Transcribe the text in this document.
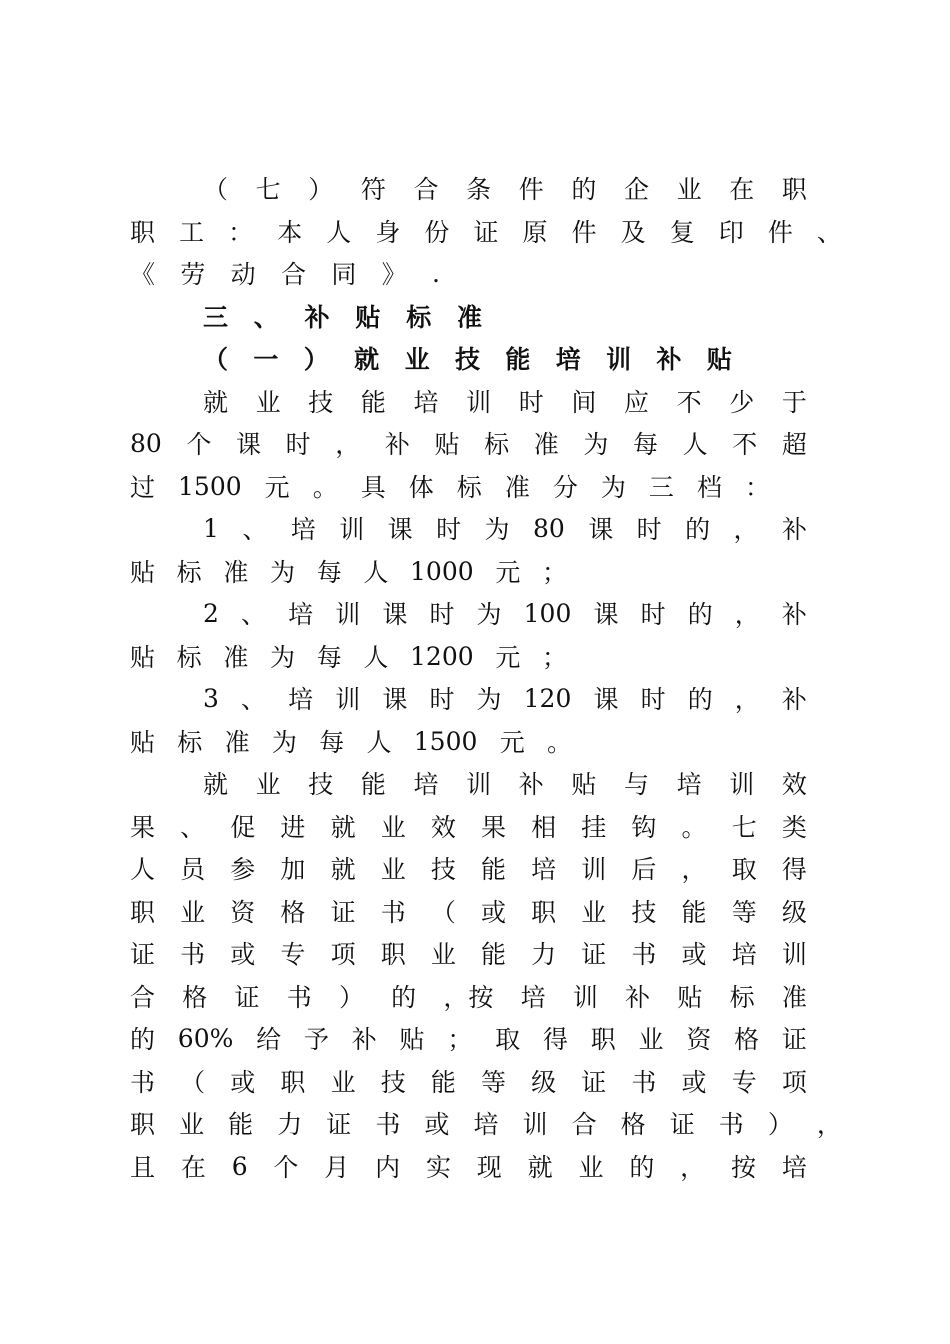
（ 七 ） 符 合 条 件 的 企 业 在 职
职 工 ： 本 人 身 份 证 原 件 及 复 印 件 、
《 劳 动 合 同 》 .
三 、 补 贴 标 准
（ 一 ） 就 业 技 能 培 训 补 贴
就 业 技 能 培 训 时 间 应 不 少 于
80 个 课 时 ， 补 贴 标 准 为 每 人 不 超
过 1500 元 。 具 体 标 准 分 为 三 档 ：
1 、 培 训 课 时 为 80 课 时 的 ， 补
贴 标 准 为 每 人 1000 元 ；
2 、 培 训 课 时 为 100 课 时 的 ， 补
贴 标 准 为 每 人 1200 元 ；
3 、 培 训 课 时 为 120 课 时 的 ， 补
贴 标 准 为 每 人 1500 元 。
就 业 技 能 培 训 补 贴 与 培 训 效
果 、 促 进 就 业 效 果 相 挂 钩 。 七 类
人 员 参 加 就 业 技 能 培 训 后 ， 取 得
职 业 资 格 证 书 （ 或 职 业 技 能 等 级
证 书 或 专 项 职 业 能 力 证 书 或 培 训
合 格 证 书 ） 的 ，按 培 训 补 贴 标 准
的 60% 给 予 补 贴 ； 取 得 职 业 资 格 证
书 （ 或 职 业 技 能 等 级 证 书 或 专 项
职 业 能 力 证 书 或 培 训 合 格 证 书 ） ，
且 在 6 个 月 内 实 现 就 业 的 ， 按 培
